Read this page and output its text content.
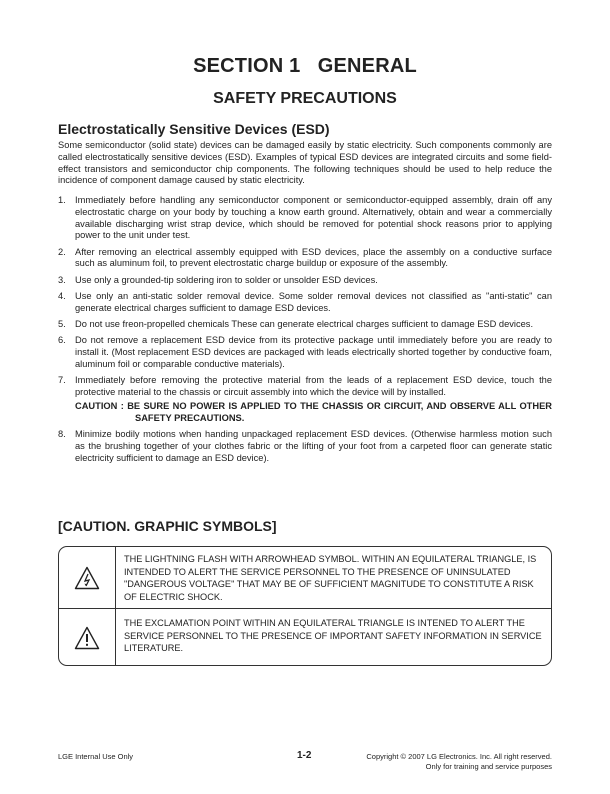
SECTION 1   GENERAL
SAFETY PRECAUTIONS
Electrostatically Sensitive Devices (ESD)
Some semiconductor (solid state) devices can be damaged easily by static electricity. Such components commonly are called electrostatically sensitive devices (ESD). Examples of typical ESD devices are integrated circuits and some field-effect transistors and semiconductor chip components. The following techniques should be used to help reduce the incidence of component damage caused by static electricity.
1. Immediately before handling any semiconductor component or semiconductor-equipped assembly, drain off any electrostatic charge on your body by touching a know earth ground. Alternatively, obtain and wear a commercially available discharging wrist strap device, which should be removed for potential shock reasons prior to applying power to the unit under test.
2. After removing an electrical assembly equipped with ESD devices, place the assembly on a conductive surface such as aluminum foil, to prevent electrostatic charge buildup or exposure of the assembly.
3. Use only a grounded-tip soldering iron to solder or unsolder ESD devices.
4. Use only an anti-static solder removal device. Some solder removal devices not classified as "anti-static" can generate electrical charges sufficient to damage ESD devices.
5. Do not use freon-propelled chemicals These can generate electrical charges sufficient to damage ESD devices.
6. Do not remove a replacement ESD device from its protective package until immediately before you are ready to install it. (Most replacement ESD devices are packaged with leads electrically shorted together by conductive foam, aluminum foil or comparable conductive materials).
7. Immediately before removing the protective material from the leads of a replacement ESD device, touch the protective material to the chassis or circuit assembly into which the device will by installed.
CAUTION : BE SURE NO POWER IS APPLIED TO THE CHASSIS OR CIRCUIT, AND OBSERVE ALL OTHER SAFETY PRECAUTIONS.
8. Minimize bodily motions when handing unpackaged replacement ESD devices. (Otherwise harmless motion such as the brushing together of your clothes fabric or the lifting of your foot from a carpeted floor can generate static electricity sufficient to damage an ESD device).
[CAUTION. GRAPHIC SYMBOLS]
THE LIGHTNING FLASH WITH ARROWHEAD SYMBOL. WITHIN AN EQUILATERAL TRIANGLE, IS INTENDED TO ALERT THE SERVICE PERSONNEL TO THE PRESENCE OF UNINSULATED "DANGEROUS VOLTAGE" THAT MAY BE OF SUFFICIENT MAGNITUDE TO CONSTITUTE A RISK OF ELECTRIC SHOCK.
THE EXCLAMATION POINT WITHIN AN EQUILATERAL TRIANGLE IS INTENED TO ALERT THE SERVICE PERSONNEL TO THE PRESENCE OF IMPORTANT SAFETY INFORMATION IN SERVICE LITERATURE.
LGE Internal Use Only	1-2	Copyright © 2007 LG Electronics. Inc. All right reserved.
Only for training and service purposes
